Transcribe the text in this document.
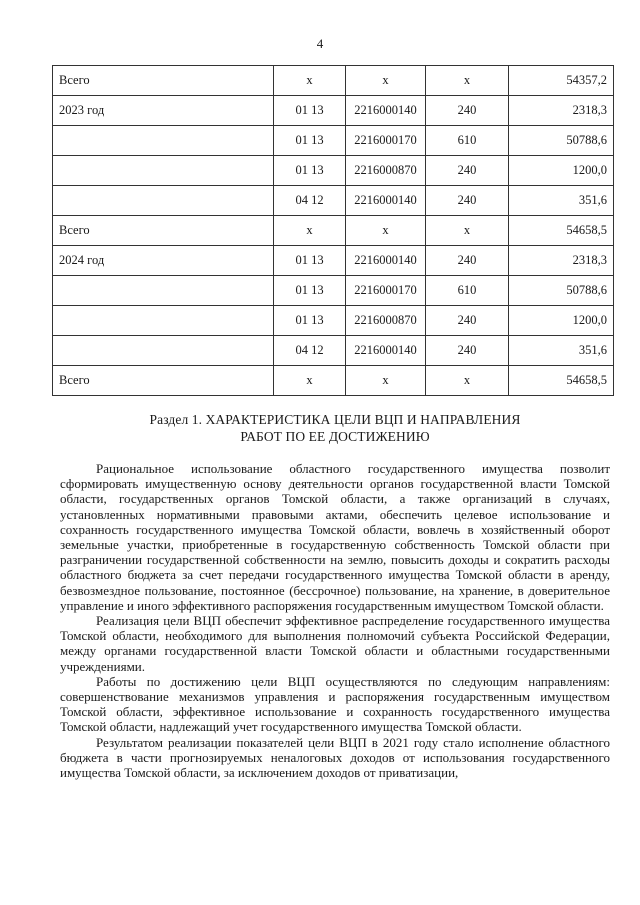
4
Всего	х	х	х	54357,2
2023 год	01 13	2216000140	240	2318,3
	01 13	2216000170	610	50788,6
	01 13	2216000870	240	1200,0
	04 12	2216000140	240	351,6
Всего	х	х	х	54658,5
2024 год	01 13	2216000140	240	2318,3
	01 13	2216000170	610	50788,6
	01 13	2216000870	240	1200,0
	04 12	2216000140	240	351,6
Всего	х	х	х	54658,5
Раздел 1. ХАРАКТЕРИСТИКА ЦЕЛИ ВЦП И НАПРАВЛЕНИЯ
РАБОТ ПО ЕЕ ДОСТИЖЕНИЮ

Рациональное использование областного государственного имущества позволит сформировать имущественную основу деятельности органов государственной власти Томской области, государственных органов Томской области, а также организаций в случаях, установленных нормативными правовыми актами, обеспечить целевое использование и сохранность государственного имущества Томской области, вовлечь в хозяйственный оборот земельные участки, приобретенные в государственную собственность Томской области при разграничении государственной собственности на землю, повысить доходы и сократить расходы областного бюджета за счет передачи государственного имущества Томской области в аренду, безвозмездное пользование, постоянное (бессрочное) пользование, на хранение, в доверительное управление и иного эффективного распоряжения государственным имуществом Томской области.

Реализация цели ВЦП обеспечит эффективное распределение государственного имущества Томской области, необходимого для выполнения полномочий субъекта Российской Федерации, между органами государственной власти Томской области и областными государственными учреждениями.

Работы по достижению цели ВЦП осуществляются по следующим направлениям: совершенствование механизмов управления и распоряжения государственным имуществом Томской области, эффективное использование и сохранность государственного имущества Томской области, надлежащий учет государственного имущества Томской области.

Результатом реализации показателей цели ВЦП в 2021 году стало исполнение областного бюджета в части прогнозируемых неналоговых доходов от использования государственного имущества Томской области, за исключением доходов от приватизации,
